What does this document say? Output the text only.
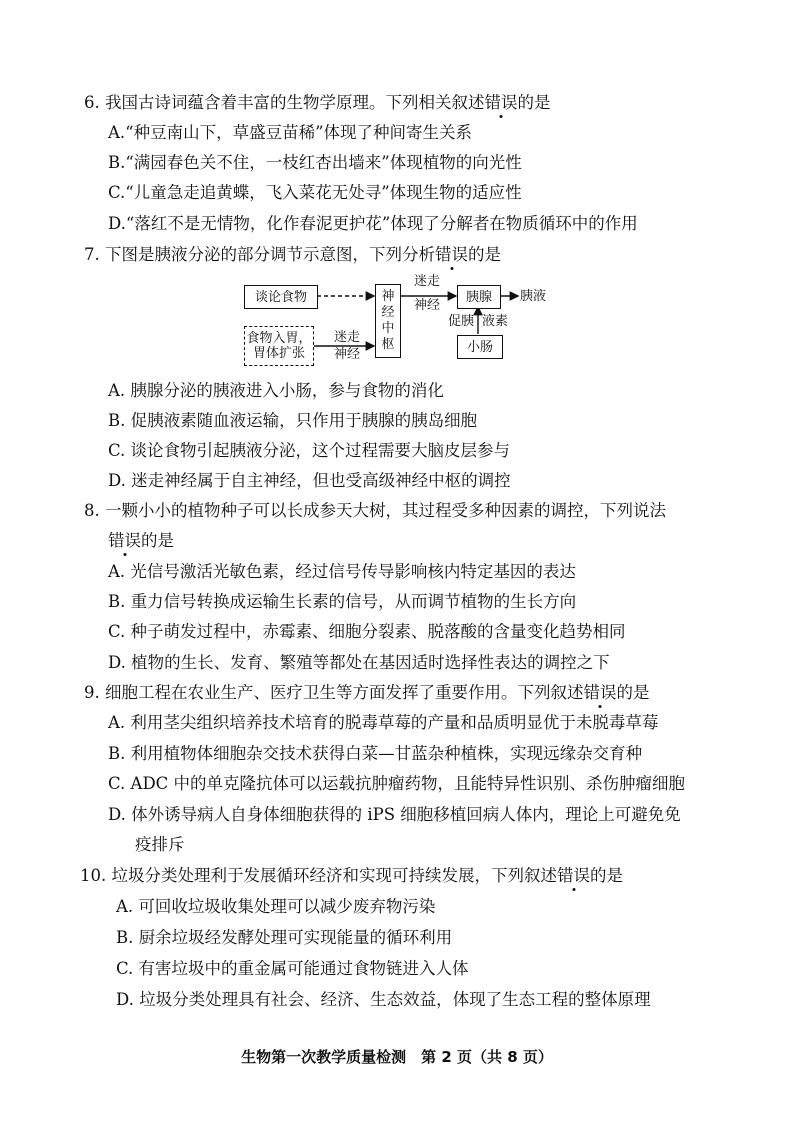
6. 我国古诗词蕴含着丰富的生物学原理。下列相关叙述错误的是
A.“种豆南山下，草盛豆苗稀”体现了种间寄生关系
B.“满园春色关不住，一枝红杏出墙来”体现植物的向光性
C.“儿童急走追黄蝶，飞入菜花无处寻”体现生物的适应性
D.“落红不是无情物，化作春泥更护花”体现了分解者在物质循环中的作用
7. 下图是胰液分泌的部分调节示意图，下列分析错误的是
谈论食物
食物入胃，
胃体扩张
迷走
神经
神
经
中
枢
迷走
神经
胰腺	胰液
促胰 液素
小肠
A. 胰腺分泌的胰液进入小肠，参与食物的消化
B. 促胰液素随血液运输，只作用于胰腺的胰岛细胞
C. 谈论食物引起胰液分泌，这个过程需要大脑皮层参与
D. 迷走神经属于自主神经，但也受高级神经中枢的调控
8. 一颗小小的植物种子可以长成参天大树，其过程受多种因素的调控，下列说法
错误的是
A. 光信号激活光敏色素，经过信号传导影响核内特定基因的表达
B. 重力信号转换成运输生长素的信号，从而调节植物的生长方向
C. 种子萌发过程中，赤霉素、细胞分裂素、脱落酸的含量变化趋势相同
D. 植物的生长、发育、繁殖等都处在基因适时选择性表达的调控之下
9. 细胞工程在农业生产、医疗卫生等方面发挥了重要作用。下列叙述错误的是
A. 利用茎尖组织培养技术培育的脱毒草莓的产量和品质明显优于未脱毒草莓
B. 利用植物体细胞杂交技术获得白菜—甘蓝杂种植株，实现远缘杂交育种
C. ADC 中的单克隆抗体可以运载抗肿瘤药物，且能特异性识别、杀伤肿瘤细胞
D. 体外诱导病人自身体细胞获得的 iPS 细胞移植回病人体内，理论上可避免免
疫排斥
10. 垃圾分类处理利于发展循环经济和实现可持续发展，下列叙述错误的是
A. 可回收垃圾收集处理可以减少废弃物污染
B. 厨余垃圾经发酵处理可实现能量的循环利用
C. 有害垃圾中的重金属可能通过食物链进入人体
D. 垃圾分类处理具有社会、经济、生态效益，体现了生态工程的整体原理
生物第一次教学质量检测　第 2 页（共 8 页）
